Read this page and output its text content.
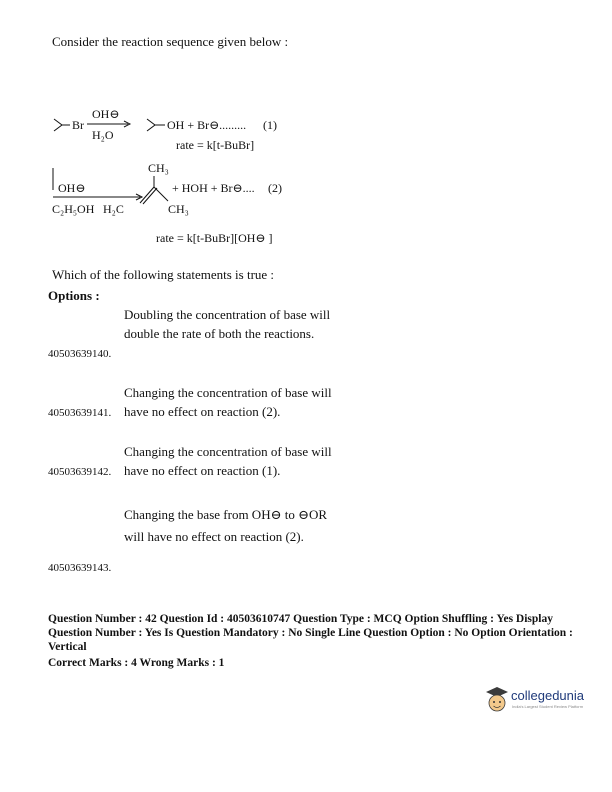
Consider the reaction sequence given below :
Br
OH⊖
H₂O
OH + Br⊖......... (1)
rate = k[t-BuBr]
OH⊖
C₂H₅OH
CH₃
H₂C
+ HOH + Br⊖.... (2)
CH₃
rate = k[t-BuBr][OH⊖ ]
Which of the following statements is true :
Options :
Doubling the concentration of base will double the rate of both the reactions.
40503639140.
Changing the concentration of base will have no effect on reaction (2).
40503639141.
Changing the concentration of base will have no effect on reaction (1).
40503639142.
Changing the base from OH⊖ to ⊖OR will have no effect on reaction (2).
40503639143.
Question Number : 42 Question Id : 40503610747 Question Type : MCQ Option Shuffling : Yes Display Question Number : Yes Is Question Mandatory : No Single Line Question Option : No Option Orientation : Vertical
Correct Marks : 4 Wrong Marks : 1
collegedunia
India's Largest Student Review Platform
